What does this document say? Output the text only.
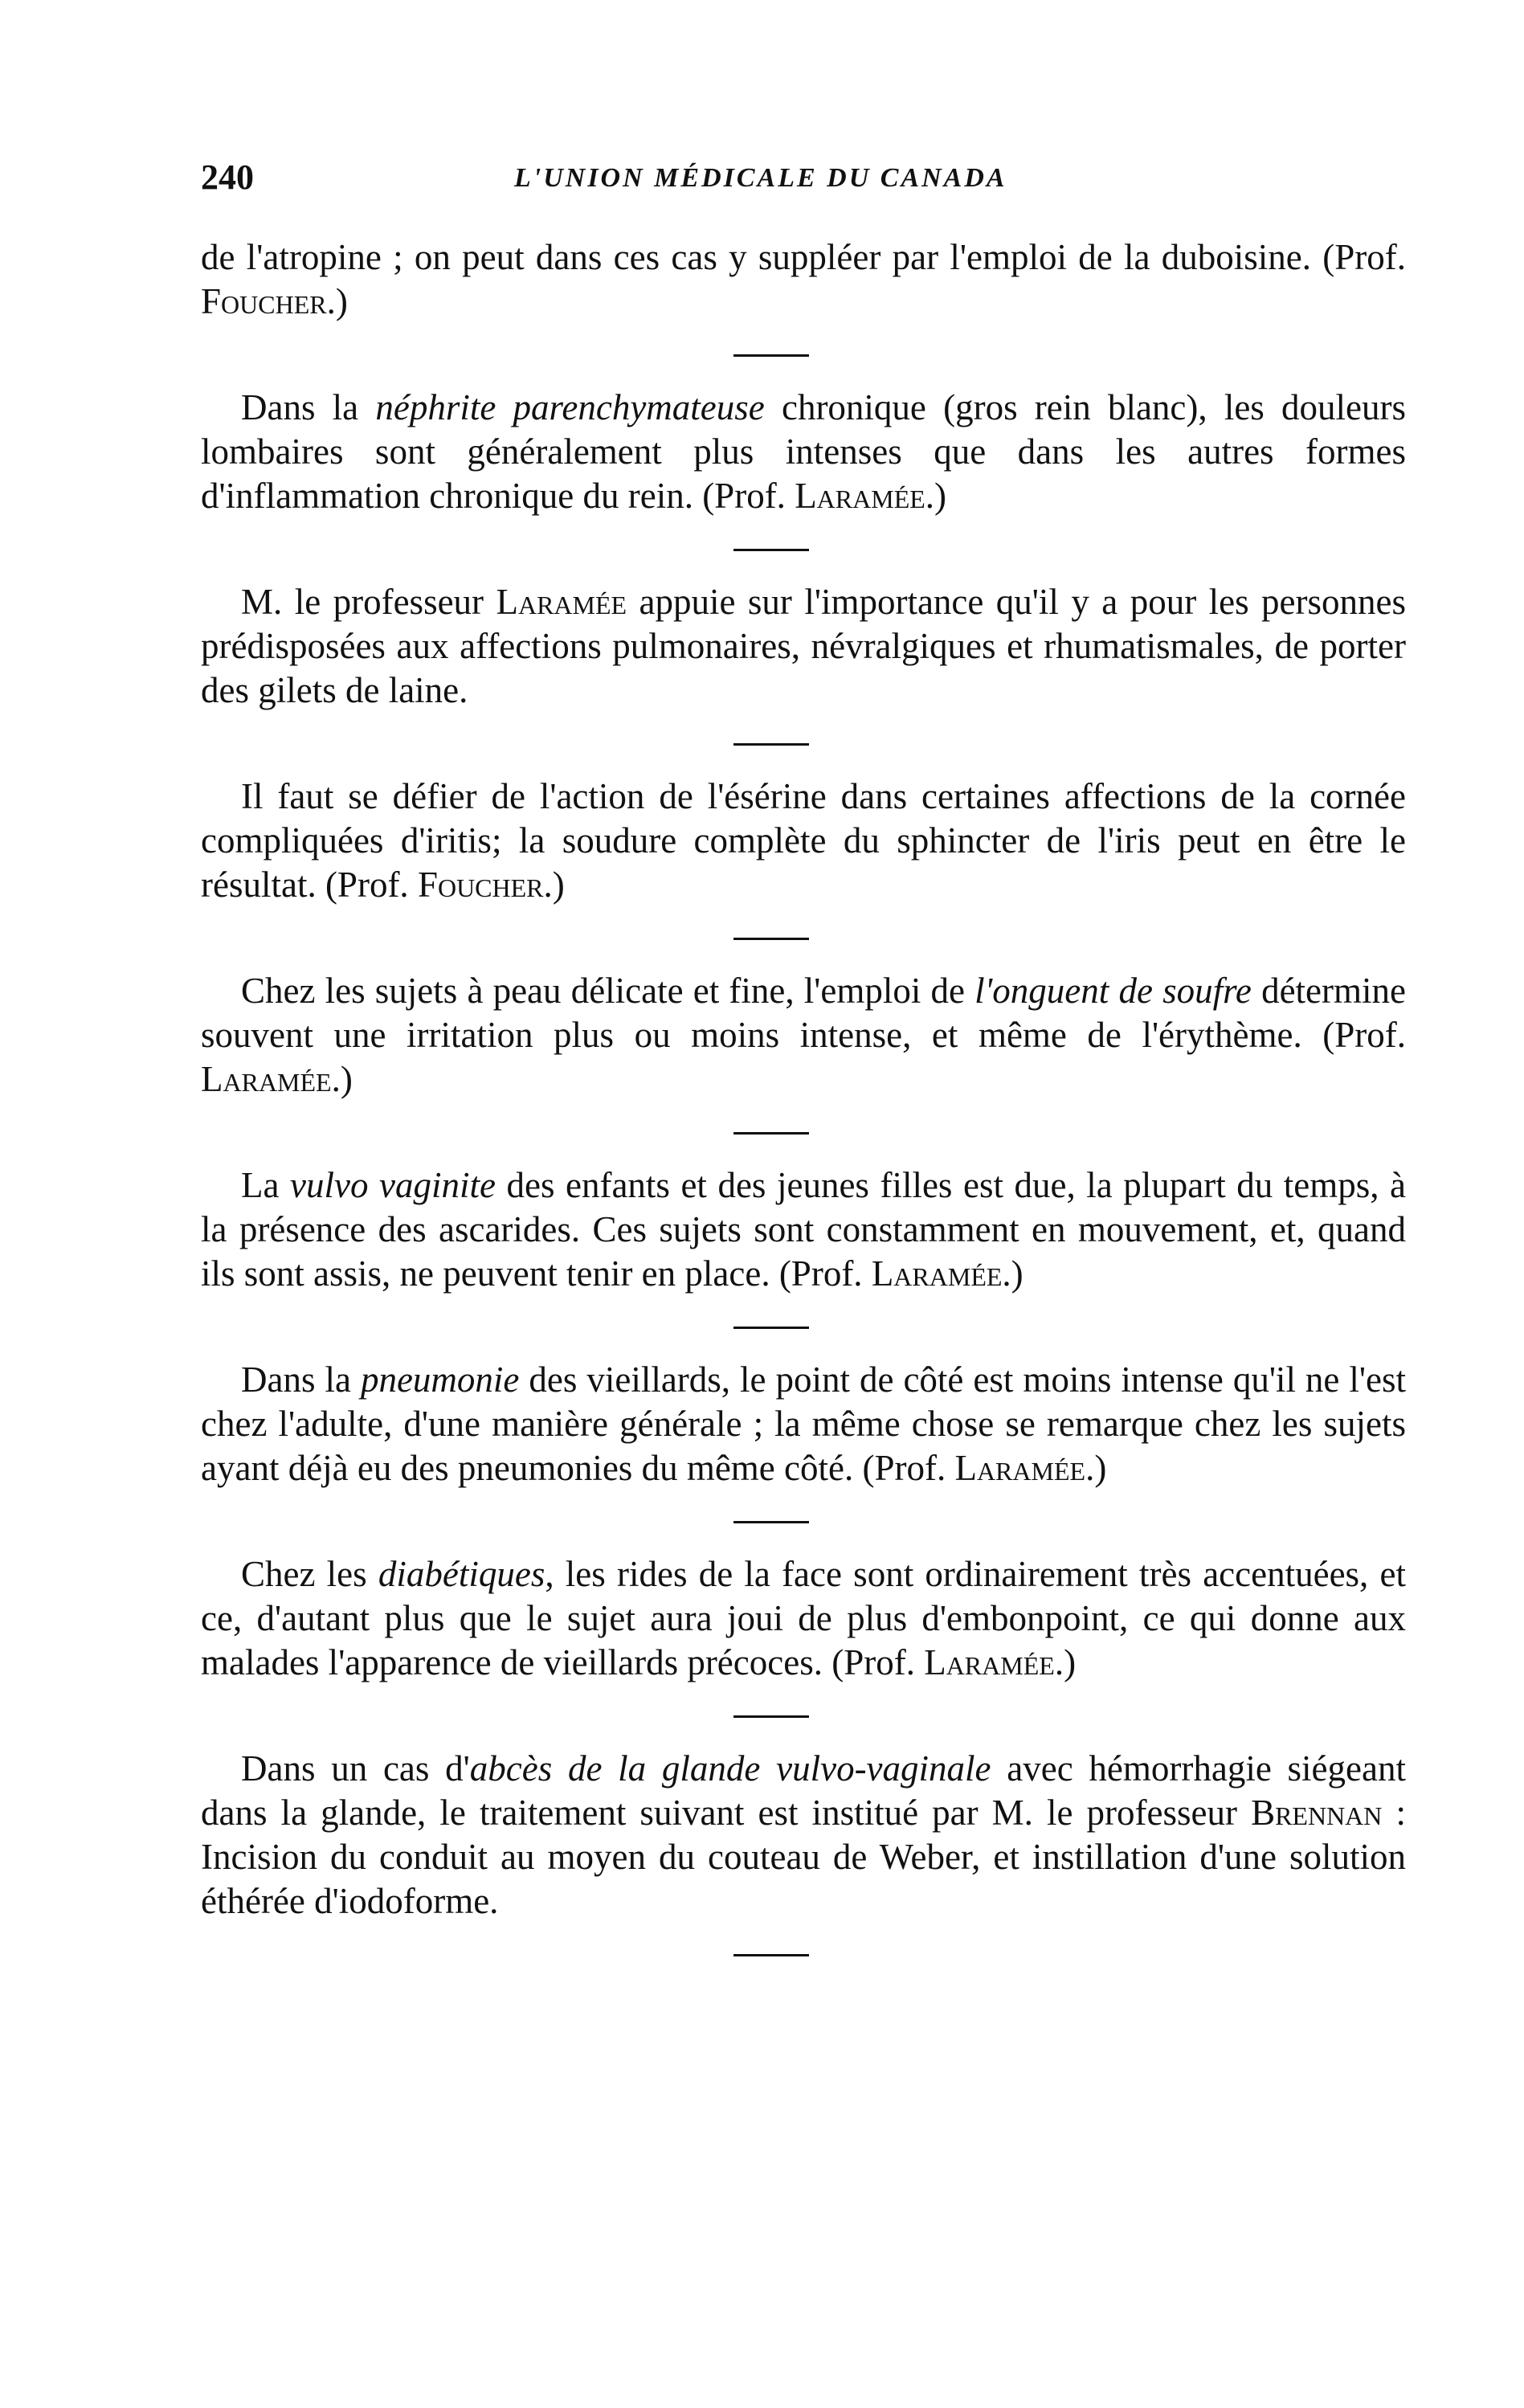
240	L'UNION MÉDICALE DU CANADA

de l'atropine ; on peut dans ces cas y suppléer par l'emploi de la duboisine. (Prof. Foucher.)

Dans la néphrite parenchymateuse chronique (gros rein blanc), les douleurs lombaires sont généralement plus intenses que dans les autres formes d'inflammation chronique du rein. (Prof. Laramée.)

M. le professeur Laramée appuie sur l'importance qu'il y a pour les personnes prédisposées aux affections pulmonaires, névralgiques et rhumatismales, de porter des gilets de laine.

Il faut se défier de l'action de l'ésérine dans certaines affections de la cornée compliquées d'iritis; la soudure complète du sphincter de l'iris peut en être le résultat. (Prof. Foucher.)

Chez les sujets à peau délicate et fine, l'emploi de l'onguent de soufre détermine souvent une irritation plus ou moins intense, et même de l'érythème. (Prof. Laramée.)

La vulvo vaginite des enfants et des jeunes filles est due, la plupart du temps, à la présence des ascarides. Ces sujets sont constamment en mouvement, et, quand ils sont assis, ne peuvent tenir en place. (Prof. Laramée.)

Dans la pneumonie des vieillards, le point de côté est moins intense qu'il ne l'est chez l'adulte, d'une manière générale ; la même chose se remarque chez les sujets ayant déjà eu des pneumonies du même côté. (Prof. Laramée.)

Chez les diabétiques, les rides de la face sont ordinairement très accentuées, et ce, d'autant plus que le sujet aura joui de plus d'embonpoint, ce qui donne aux malades l'apparence de vieillards précoces. (Prof. Laramée.)

Dans un cas d'abcès de la glande vulvo-vaginale avec hémorrhagie siégeant dans la glande, le traitement suivant est institué par M. le professeur Brennan : Incision du conduit au moyen du couteau de Weber, et instillation d'une solution éthérée d'iodoforme.
